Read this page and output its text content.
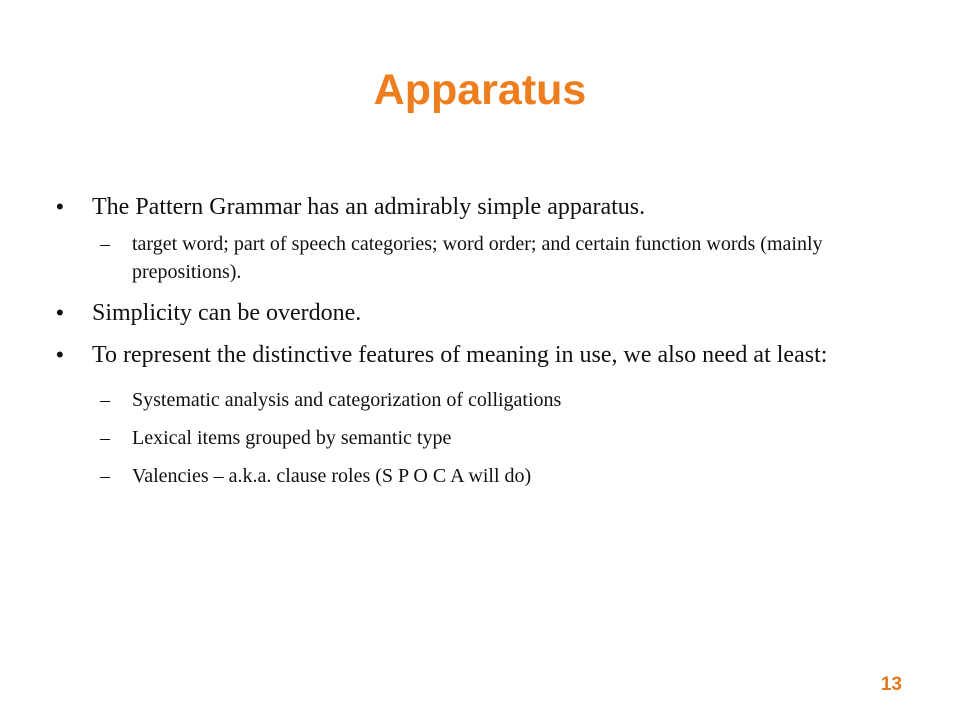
Apparatus
• The Pattern Grammar has an admirably simple apparatus.
– target word; part of speech categories; word order; and certain function words (mainly prepositions).
• Simplicity can be overdone.
• To represent the distinctive features of meaning in use, we also need at least:
– Systematic analysis and categorization of colligations
– Lexical items grouped by semantic type
– Valencies – a.k.a. clause roles (S P O C A will do)
13
